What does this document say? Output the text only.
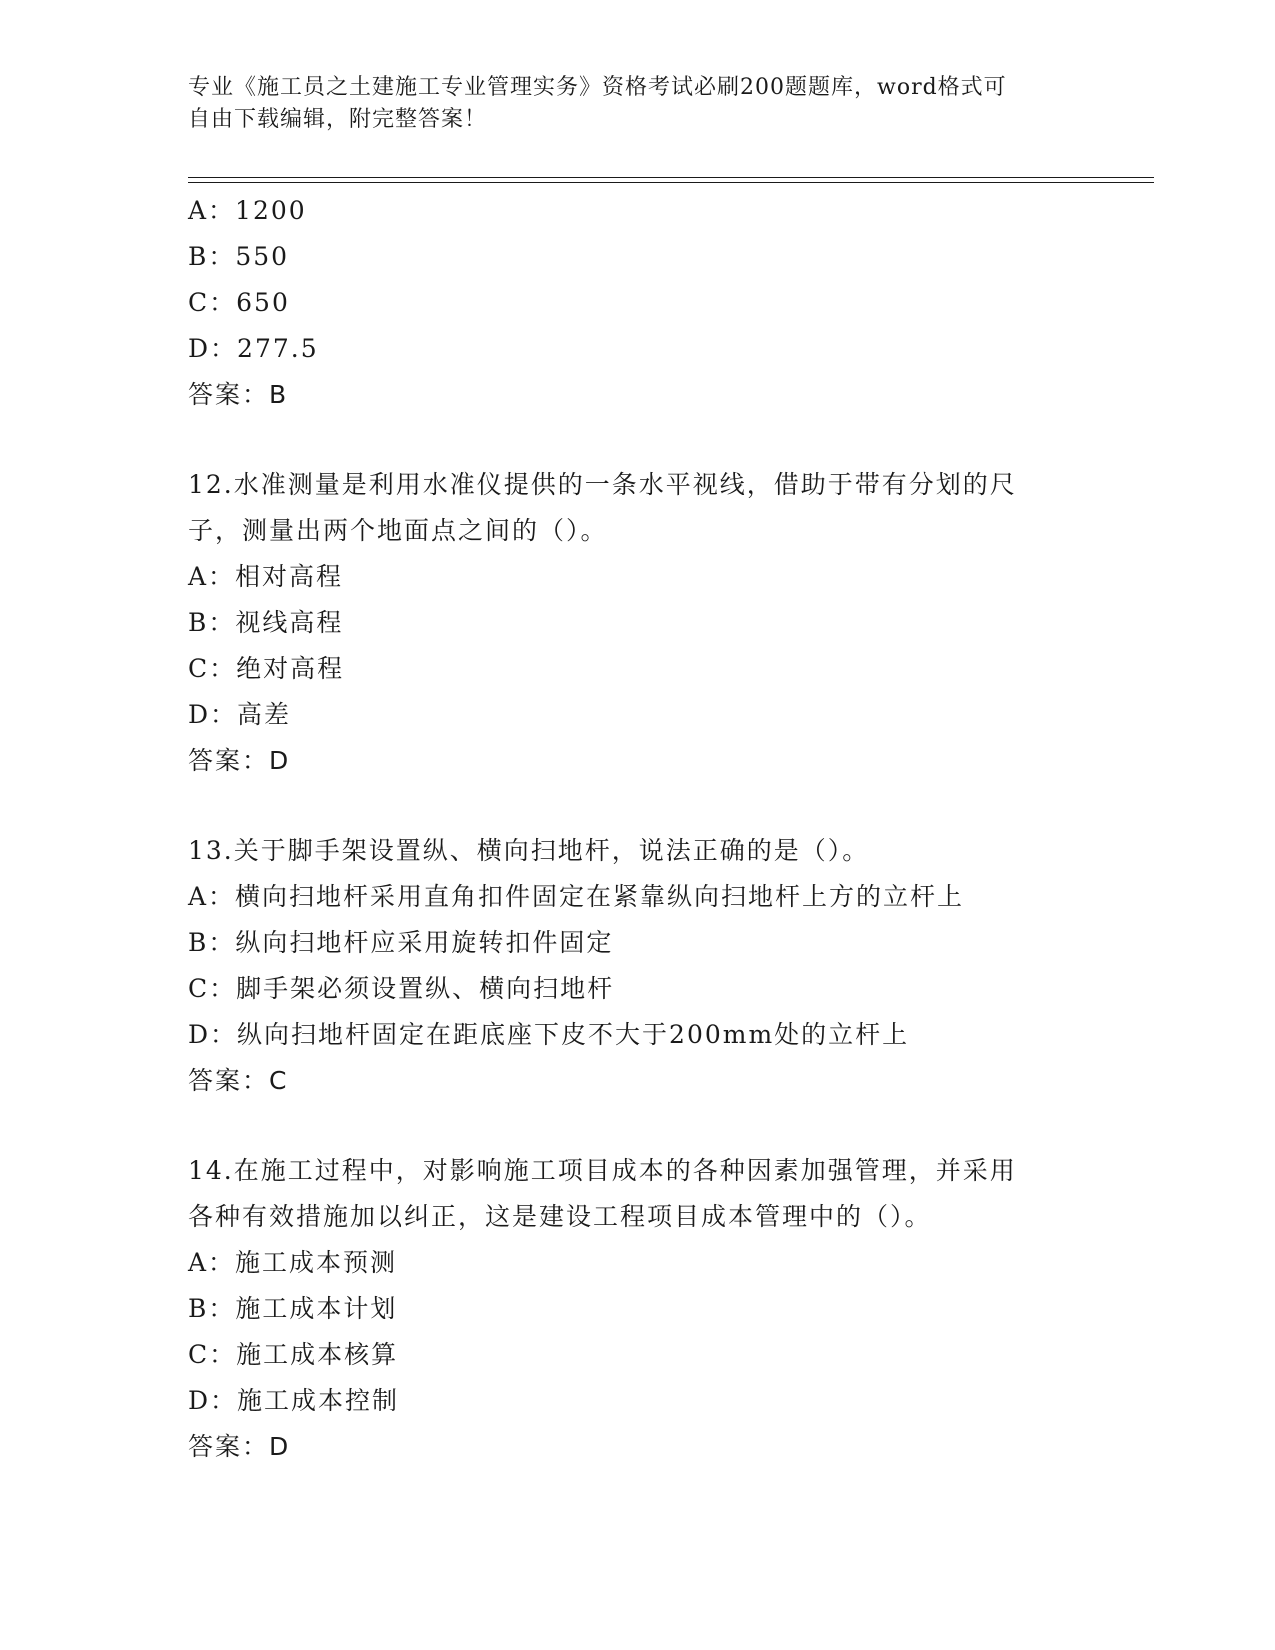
专业《施工员之土建施工专业管理实务》资格考试必刷200题题库，word格式可
自由下载编辑，附完整答案！
A：1200
B：550
C：650
D：277.5
答案：B
12.水准测量是利用水准仪提供的一条水平视线，借助于带有分划的尺
子，测量出两个地面点之间的（）。
A：相对高程
B：视线高程
C：绝对高程
D：高差
答案：D
13.关于脚手架设置纵、横向扫地杆，说法正确的是（）。
A：横向扫地杆采用直角扣件固定在紧靠纵向扫地杆上方的立杆上
B：纵向扫地杆应采用旋转扣件固定
C：脚手架必须设置纵、横向扫地杆
D：纵向扫地杆固定在距底座下皮不大于200mm处的立杆上
答案：C
14.在施工过程中，对影响施工项目成本的各种因素加强管理，并采用
各种有效措施加以纠正，这是建设工程项目成本管理中的（）。
A：施工成本预测
B：施工成本计划
C：施工成本核算
D：施工成本控制
答案：D
